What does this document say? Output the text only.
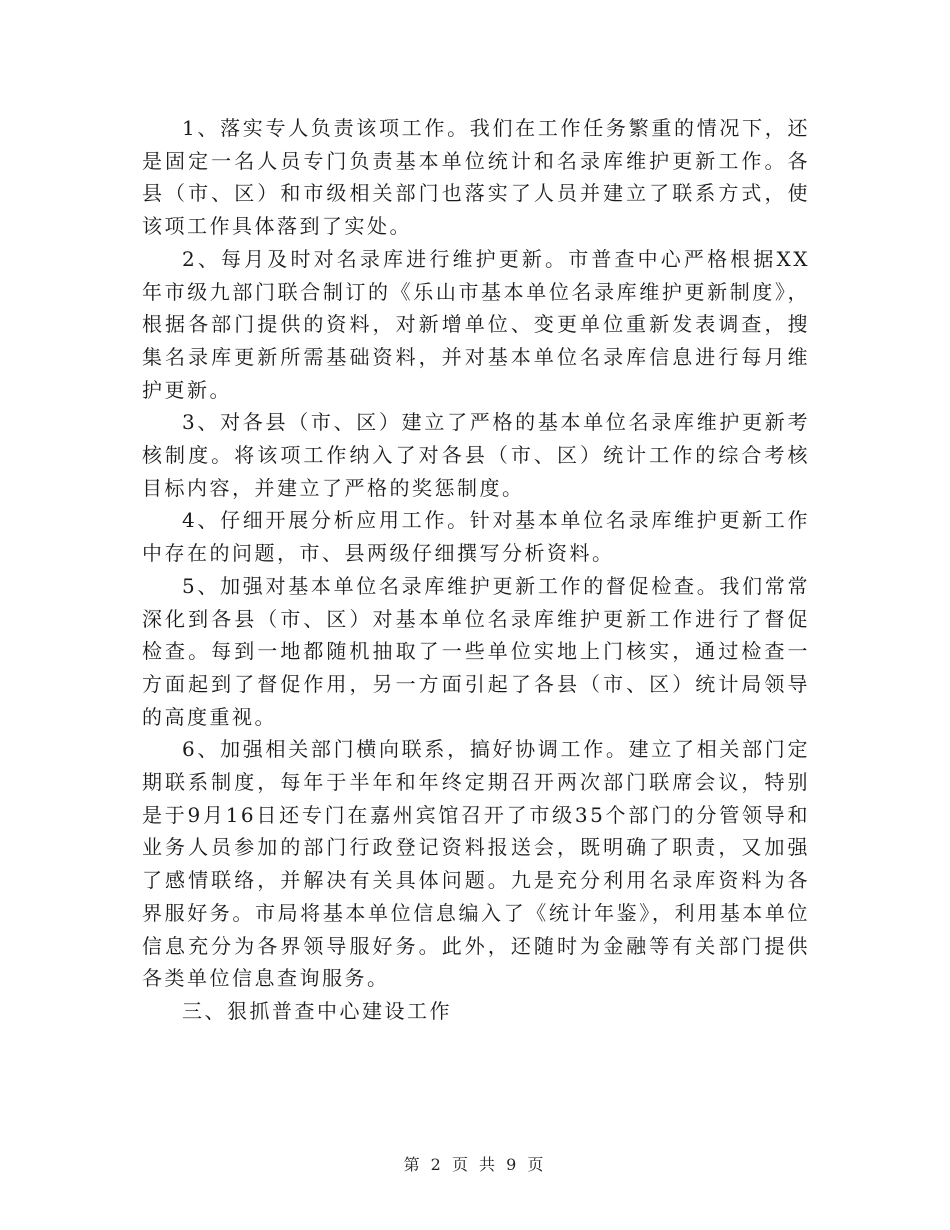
1、落实专人负责该项工作。我们在工作任务繁重的情况下，还是固定一名人员专门负责基本单位统计和名录库维护更新工作。各县（市、区）和市级相关部门也落实了人员并建立了联系方式，使该项工作具体落到了实处。

2、每月及时对名录库进行维护更新。市普查中心严格根据XX年市级九部门联合制订的《乐山市基本单位名录库维护更新制度》，根据各部门提供的资料，对新增单位、变更单位重新发表调查，搜集名录库更新所需基础资料，并对基本单位名录库信息进行每月维护更新。

3、对各县（市、区）建立了严格的基本单位名录库维护更新考核制度。将该项工作纳入了对各县（市、区）统计工作的综合考核目标内容，并建立了严格的奖惩制度。

4、仔细开展分析应用工作。针对基本单位名录库维护更新工作中存在的问题，市、县两级仔细撰写分析资料。

5、加强对基本单位名录库维护更新工作的督促检查。我们常常深化到各县（市、区）对基本单位名录库维护更新工作进行了督促检查。每到一地都随机抽取了一些单位实地上门核实，通过检查一方面起到了督促作用，另一方面引起了各县（市、区）统计局领导的高度重视。

6、加强相关部门横向联系，搞好协调工作。建立了相关部门定期联系制度，每年于半年和年终定期召开两次部门联席会议，特别是于9月16日还专门在嘉州宾馆召开了市级35个部门的分管领导和业务人员参加的部门行政登记资料报送会，既明确了职责，又加强了感情联络，并解决有关具体问题。九是充分利用名录库资料为各界服好务。市局将基本单位信息编入了《统计年鉴》，利用基本单位信息充分为各界领导服好务。此外，还随时为金融等有关部门提供各类单位信息查询服务。

三、狠抓普查中心建设工作

第 2 页 共 9 页
